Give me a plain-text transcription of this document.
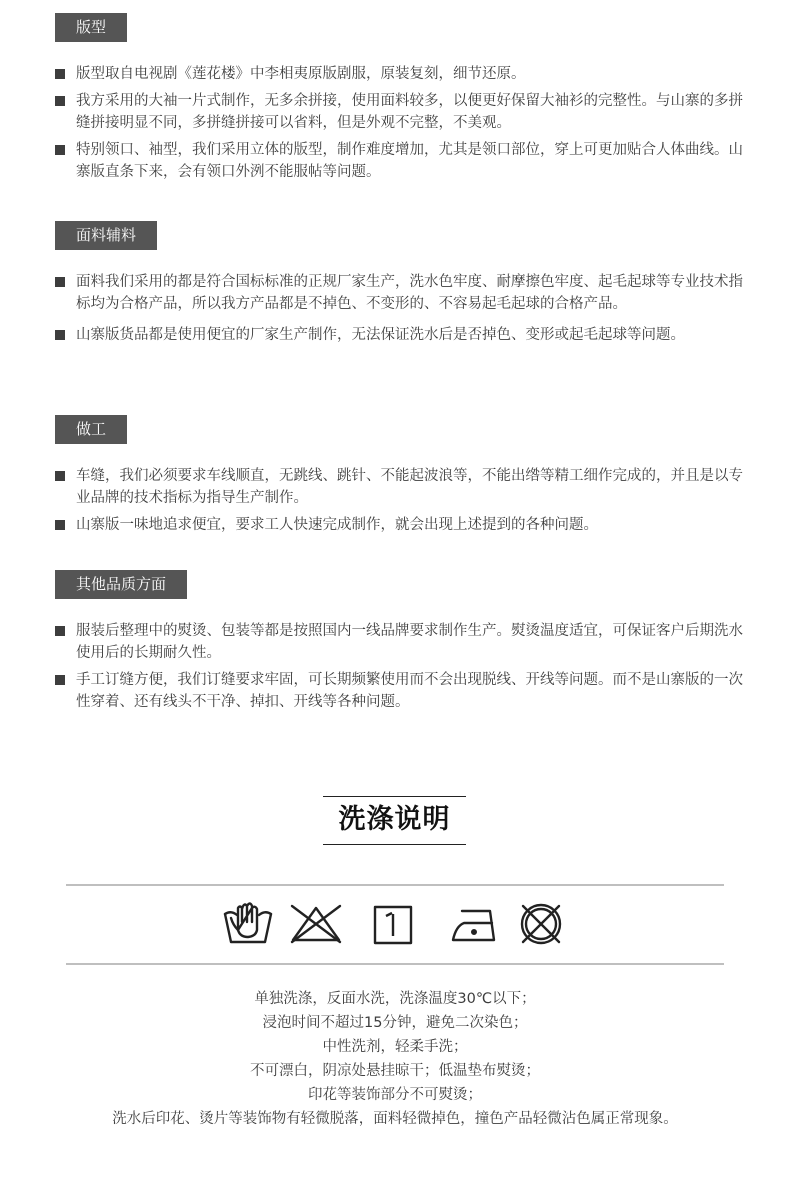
版型
版型取自电视剧《莲花楼》中李相夷原版剧服，原装复刻，细节还原。
我方采用的大袖一片式制作，无多余拼接，使用面料较多，以便更好保留大袖衫的完整性。与山寨的多拼缝拼接明显不同，多拼缝拼接可以省料，但是外观不完整，不美观。
特别领口、袖型，我们采用立体的版型，制作难度增加，尤其是领口部位，穿上可更加贴合人体曲线。山寨版直条下来，会有领口外洌不能服帖等问题。
面料辅料
面料我们采用的都是符合国标标准的正规厂家生产，洗水色牢度、耐摩擦色牢度、起毛起球等专业技术指标均为合格产品，所以我方产品都是不掉色、不变形的、不容易起毛起球的合格产品。
山寨版货品都是使用便宜的厂家生产制作，无法保证洗水后是否掉色、变形或起毛起球等问题。
做工
车缝，我们必须要求车线顺直，无跳线、跳针、不能起波浪等，不能出绺等精工细作完成的，并且是以专业品牌的技术指标为指导生产制作。
山寨版一味地追求便宜，要求工人快速完成制作，就会出现上述提到的各种问题。
其他品质方面
服装后整理中的熨烫、包装等都是按照国内一线品牌要求制作生产。熨烫温度适宜，可保证客户后期洗水使用后的长期耐久性。
手工订缝方便，我们订缝要求牢固，可长期频繁使用而不会出现脱线、开线等问题。而不是山寨版的一次性穿着、还有线头不干净、掉扣、开线等各种问题。
洗涤说明
单独洗涤，反面水洗，洗涤温度30℃以下；
浸泡时间不超过15分钟，避免二次染色；
中性洗剂，轻柔手洗；
不可漂白，阴凉处悬挂晾干；低温垫布熨烫；
印花等装饰部分不可熨烫；
洗水后印花、烫片等装饰物有轻微脱落，面料轻微掉色，撞色产品轻微沾色属正常现象。
